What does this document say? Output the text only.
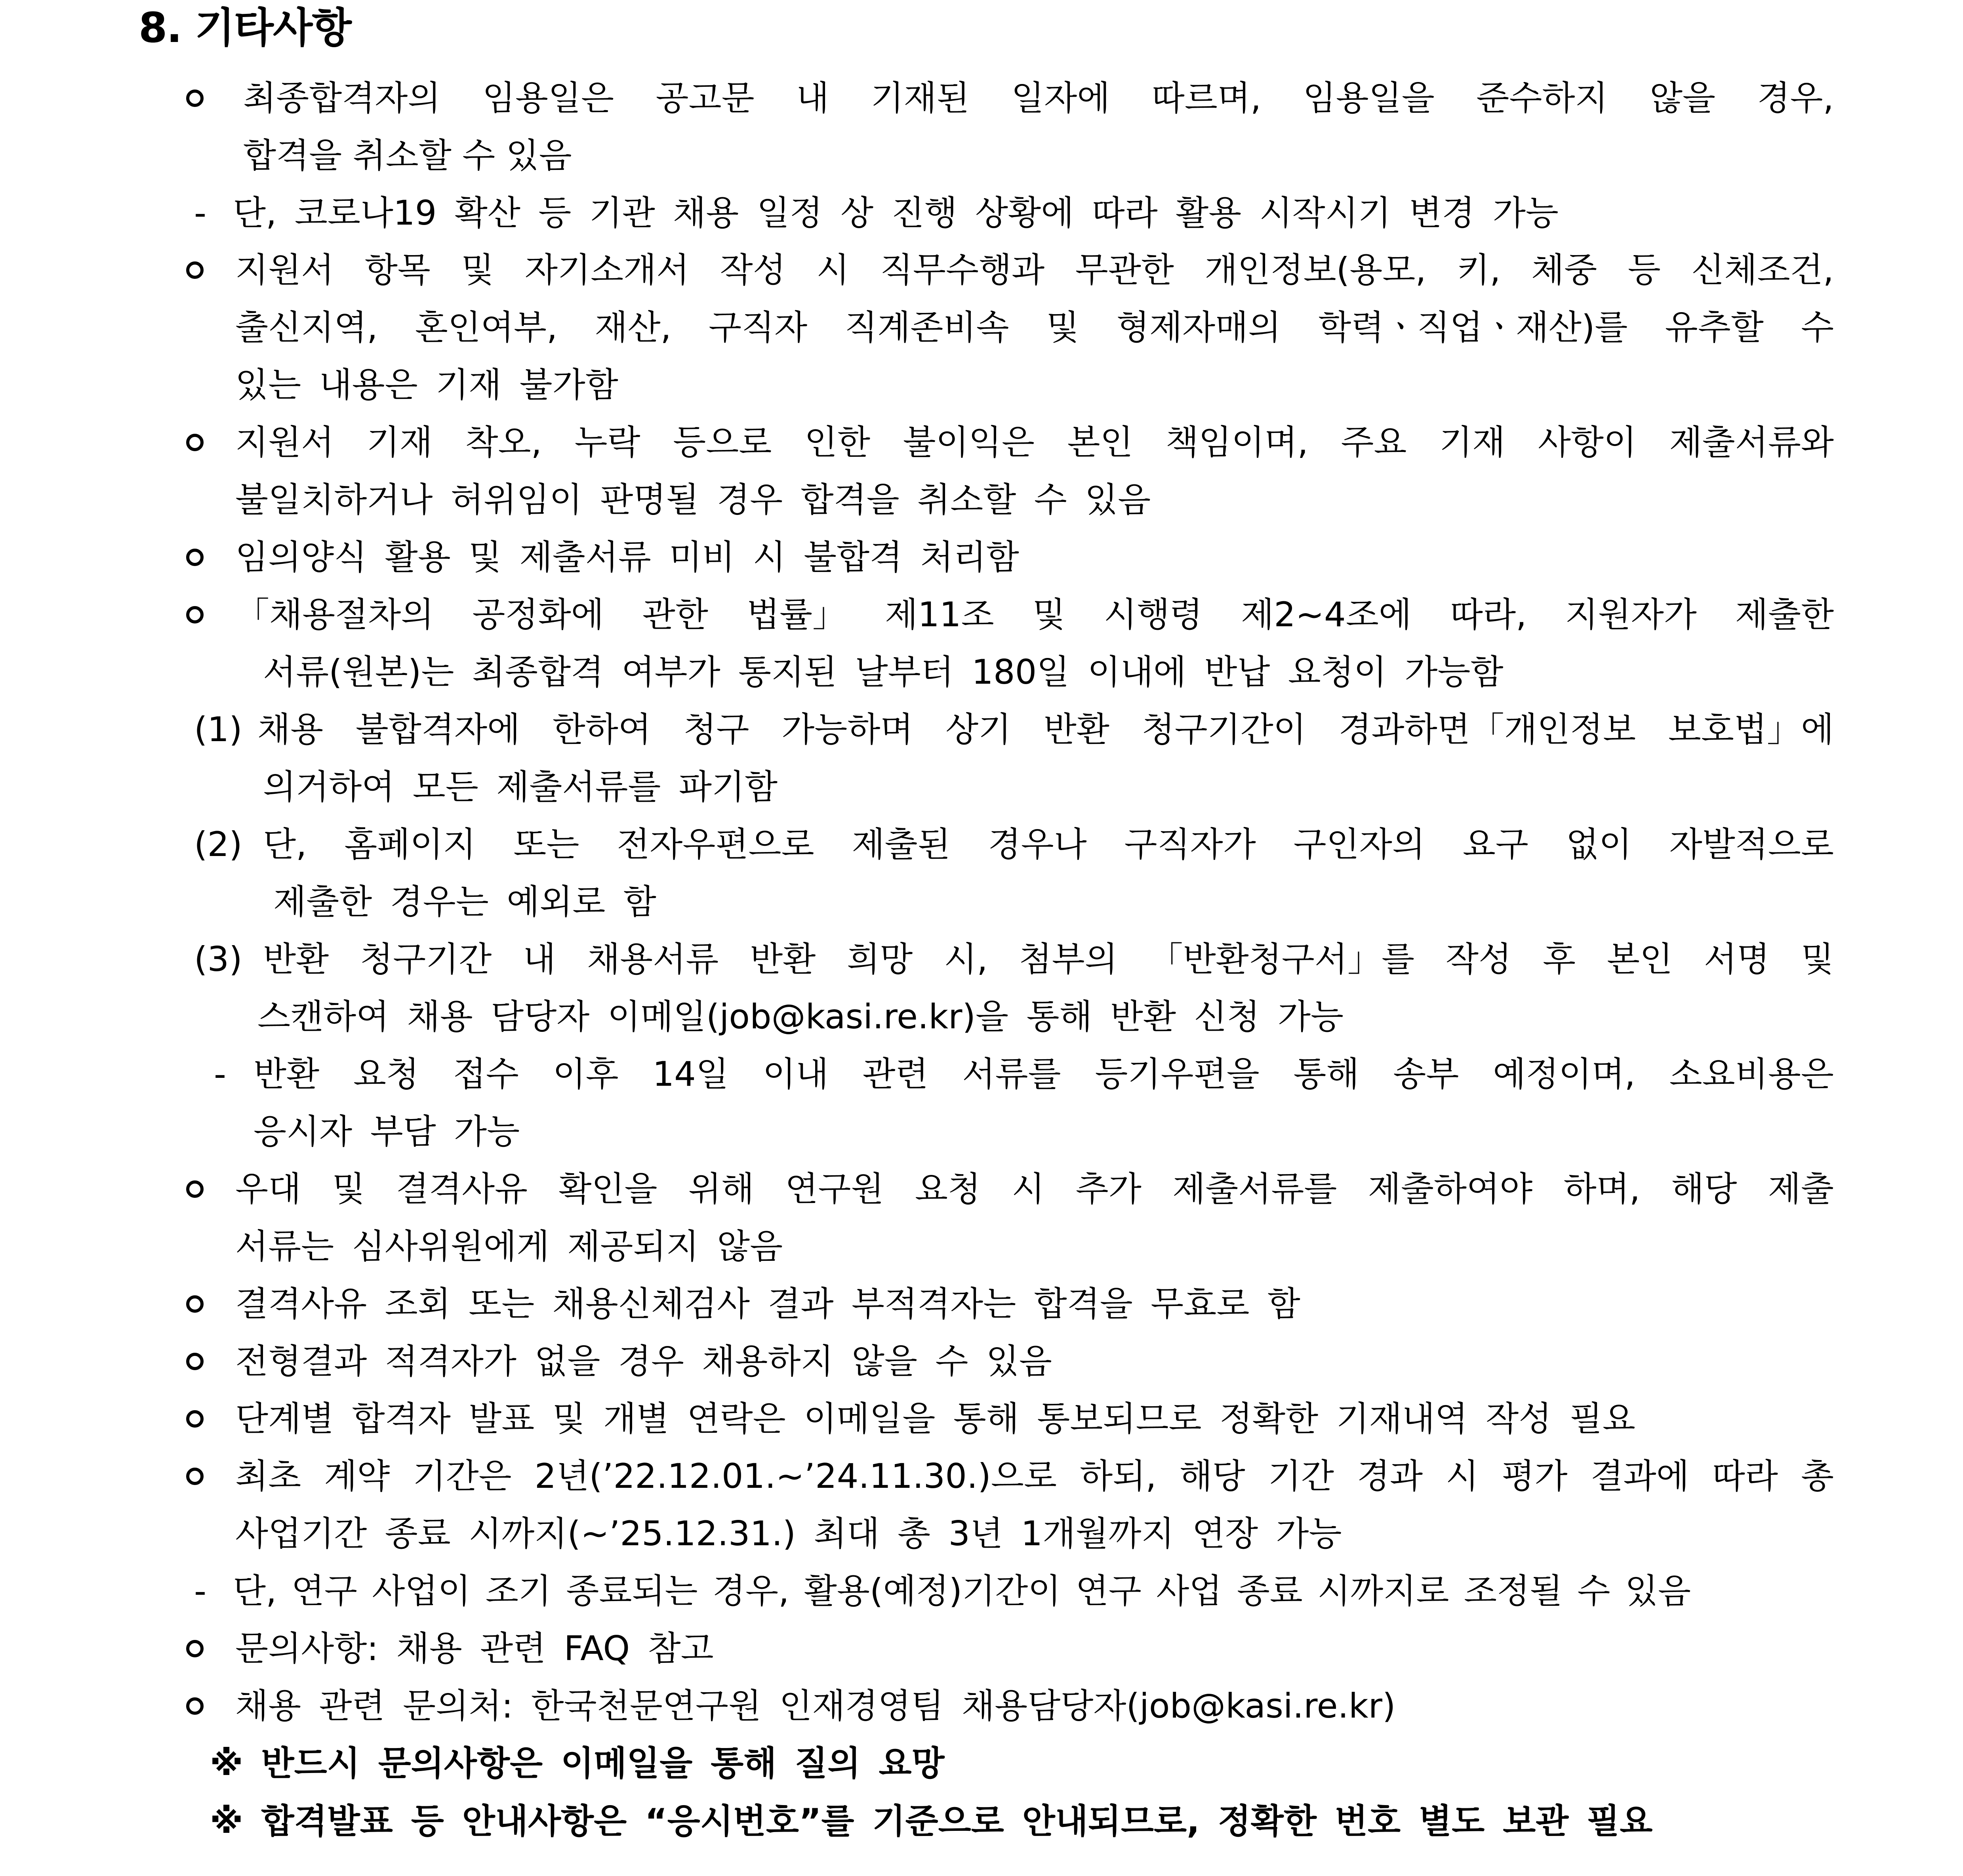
8. 기타사항
최종합격자의 임용일은 공고문 내 기재된 일자에 따르며, 임용일을 준수하지 않을 경우,
합격을 취소할 수 있음
- 단, 코로나19 확산 등 기관 채용 일정 상 진행 상황에 따라 활용 시작시기 변경 가능
지원서 항목 및 자기소개서 작성 시 직무수행과 무관한 개인정보(용모, 키, 체중 등 신체조건,
출신지역, 혼인여부, 재산, 구직자 직계존비속 및 형제자매의 학력ㆍ직업ㆍ재산)를 유추할 수
있는 내용은 기재 불가함
지원서 기재 착오, 누락 등으로 인한 불이익은 본인 책임이며, 주요 기재 사항이 제출서류와
불일치하거나 허위임이 판명될 경우 합격을 취소할 수 있음
임의양식 활용 및 제출서류 미비 시 불합격 처리함
「채용절차의 공정화에 관한 법률」 제11조 및 시행령 제2~4조에 따라, 지원자가 제출한
서류(원본)는 최종합격 여부가 통지된 날부터 180일 이내에 반납 요청이 가능함
(1) 채용 불합격자에 한하여 청구 가능하며 상기 반환 청구기간이 경과하면「개인정보 보호법」에
의거하여 모든 제출서류를 파기함
(2) 단, 홈페이지 또는 전자우편으로 제출된 경우나 구직자가 구인자의 요구 없이 자발적으로
제출한 경우는 예외로 함
(3) 반환 청구기간 내 채용서류 반환 희망 시, 첨부의 「반환청구서」를 작성 후 본인 서명 및
스캔하여 채용 담당자 이메일(job@kasi.re.kr)을 통해 반환 신청 가능
- 반환 요청 접수 이후 14일 이내 관련 서류를 등기우편을 통해 송부 예정이며, 소요비용은
응시자 부담 가능
우대 및 결격사유 확인을 위해 연구원 요청 시 추가 제출서류를 제출하여야 하며, 해당 제출
서류는 심사위원에게 제공되지 않음
결격사유 조회 또는 채용신체검사 결과 부적격자는 합격을 무효로 함
전형결과 적격자가 없을 경우 채용하지 않을 수 있음
단계별 합격자 발표 및 개별 연락은 이메일을 통해 통보되므로 정확한 기재내역 작성 필요
최초 계약 기간은 2년(’22.12.01.~’24.11.30.)으로 하되, 해당 기간 경과 시 평가 결과에 따라 총
사업기간 종료 시까지(~’25.12.31.) 최대 총 3년 1개월까지 연장 가능
- 단, 연구 사업이 조기 종료되는 경우, 활용(예정)기간이 연구 사업 종료 시까지로 조정될 수 있음
문의사항: 채용 관련 FAQ 참고
채용 관련 문의처: 한국천문연구원 인재경영팀 채용담당자(job@kasi.re.kr)
※ 반드시 문의사항은 이메일을 통해 질의 요망
※ 합격발표 등 안내사항은 “응시번호”를 기준으로 안내되므로, 정확한 번호 별도 보관 필요
